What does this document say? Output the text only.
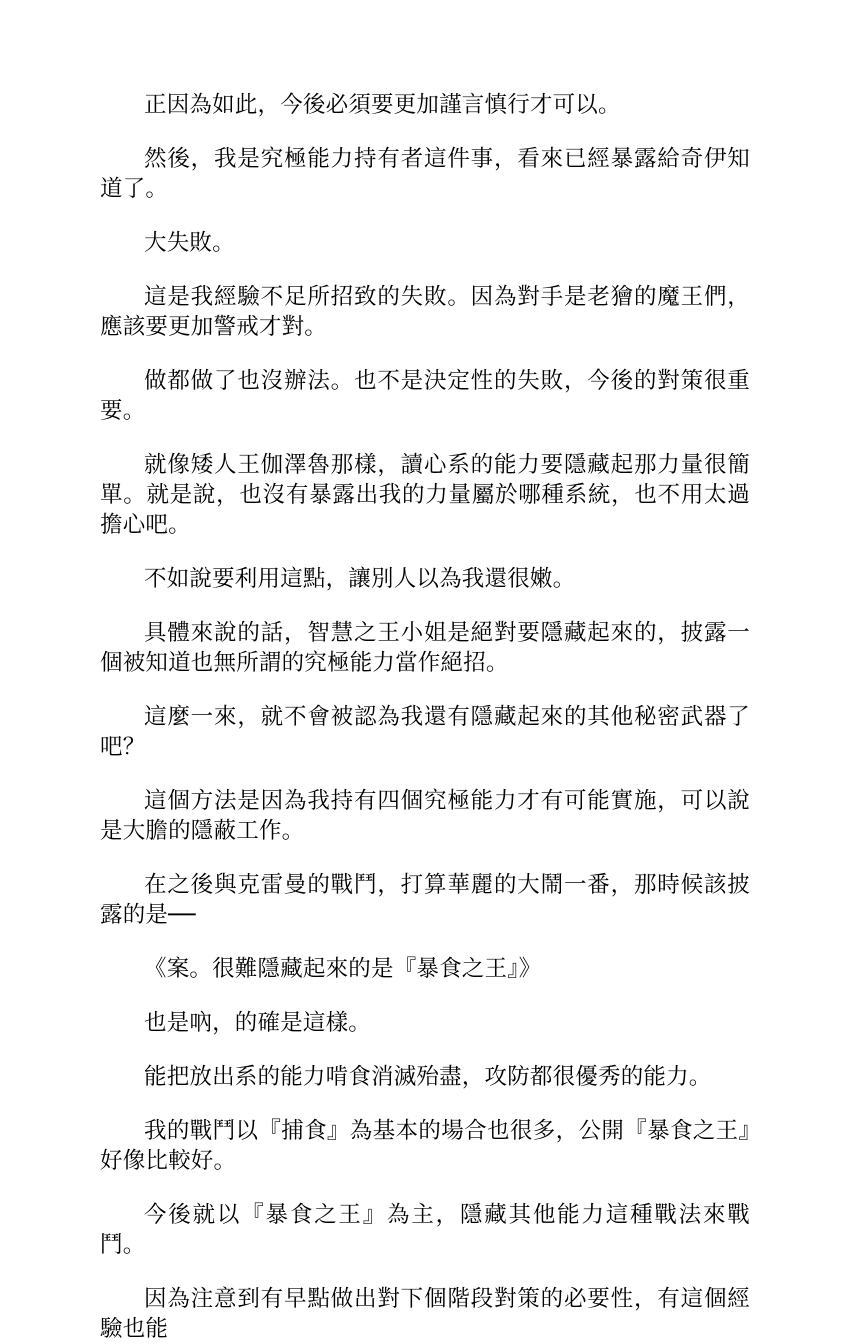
正因為如此，今後必須要更加謹言慎行才可以。

然後，我是究極能力持有者這件事，看來已經暴露給奇伊知道了。

大失敗。

這是我經驗不足所招致的失敗。因為對手是老獪的魔王們，應該要更加警戒才對。

做都做了也沒辦法。也不是決定性的失敗，今後的對策很重要。

就像矮人王伽澤魯那樣，讀心系的能力要隱藏起那力量很簡單。就是說，也沒有暴露出我的力量屬於哪種系統，也不用太過擔心吧。

不如說要利用這點，讓別人以為我還很嫩。

具體來說的話，智慧之王小姐是絕對要隱藏起來的，披露一個被知道也無所謂的究極能力當作絕招。

這麼一來，就不會被認為我還有隱藏起來的其他秘密武器了吧？

這個方法是因為我持有四個究極能力才有可能實施，可以說是大膽的隱蔽工作。

在之後與克雷曼的戰鬥，打算華麗的大鬧一番，那時候該披露的是──

《案。很難隱藏起來的是『暴食之王』》

也是吶，的確是這樣。

能把放出系的能力啃食消滅殆盡，攻防都很優秀的能力。

我的戰鬥以『捕食』為基本的場合也很多，公開『暴食之王』好像比較好。

今後就以『暴食之王』為主，隱藏其他能力這種戰法來戰鬥。

因為注意到有早點做出對下個階段對策的必要性，有這個經驗也能
